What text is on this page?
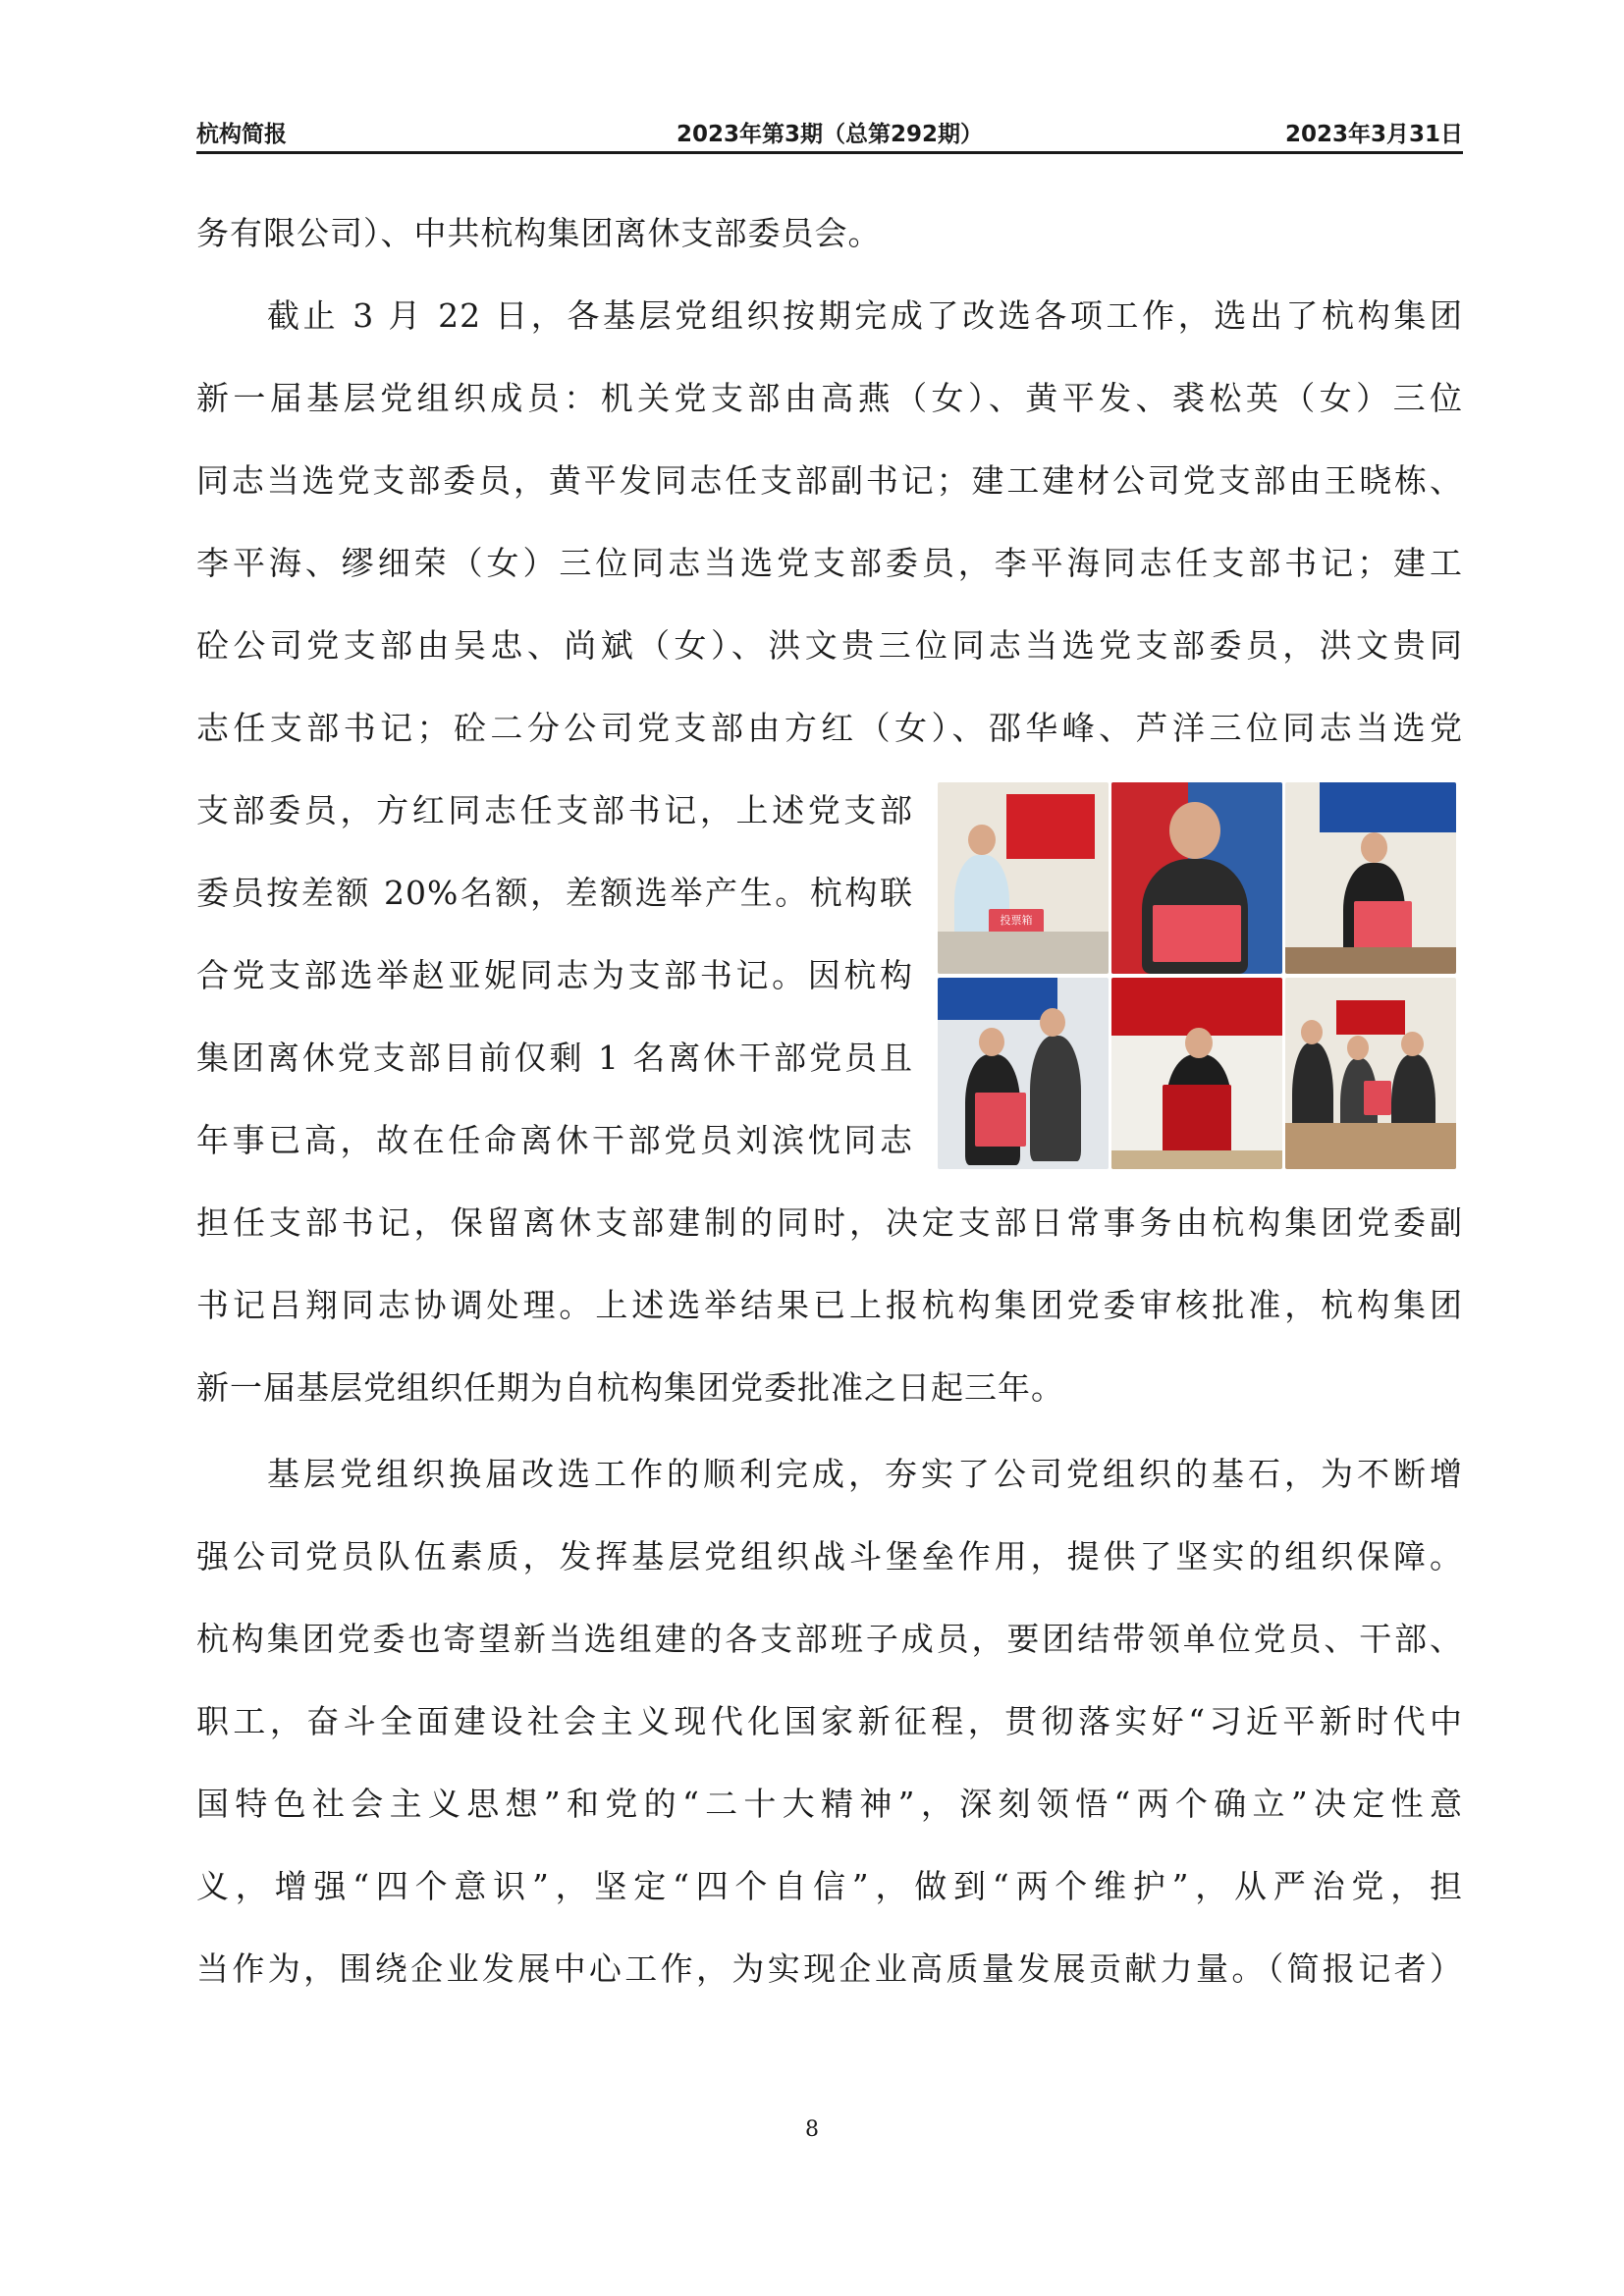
杭构简报	2023年第3期（总第292期）	2023年3月31日
务有限公司）、中共杭构集团离休支部委员会。
截止 3 月 22 日，各基层党组织按期完成了改选各项工作，选出了杭构集团
新一届基层党组织成员：机关党支部由高燕（女）、黄平发、裘松英（女）三位
同志当选党支部委员，黄平发同志任支部副书记；建工建材公司党支部由王晓栋、
李平海、缪细荣（女）三位同志当选党支部委员，李平海同志任支部书记；建工
砼公司党支部由吴忠、尚斌（女）、洪文贵三位同志当选党支部委员，洪文贵同
志任支部书记；砼二分公司党支部由方红（女）、邵华峰、芦洋三位同志当选党
支部委员，方红同志任支部书记，上述党支部
委员按差额 20%名额，差额选举产生。杭构联
合党支部选举赵亚妮同志为支部书记。因杭构
集团离休党支部目前仅剩 1 名离休干部党员且
年事已高，故在任命离休干部党员刘滨忱同志
担任支部书记，保留离休支部建制的同时，决定支部日常事务由杭构集团党委副
书记吕翔同志协调处理。上述选举结果已上报杭构集团党委审核批准，杭构集团
新一届基层党组织任期为自杭构集团党委批准之日起三年。
基层党组织换届改选工作的顺利完成，夯实了公司党组织的基石，为不断增
强公司党员队伍素质，发挥基层党组织战斗堡垒作用，提供了坚实的组织保障。
杭构集团党委也寄望新当选组建的各支部班子成员，要团结带领单位党员、干部、
职工，奋斗全面建设社会主义现代化国家新征程，贯彻落实好“习近平新时代中
国特色社会主义思想”和党的“二十大精神”，深刻领悟“两个确立”决定性意
义，增强“四个意识”，坚定“四个自信”，做到“两个维护”，从严治党，担
当作为，围绕企业发展中心工作，为实现企业高质量发展贡献力量。（简报记者）
投票箱
8
